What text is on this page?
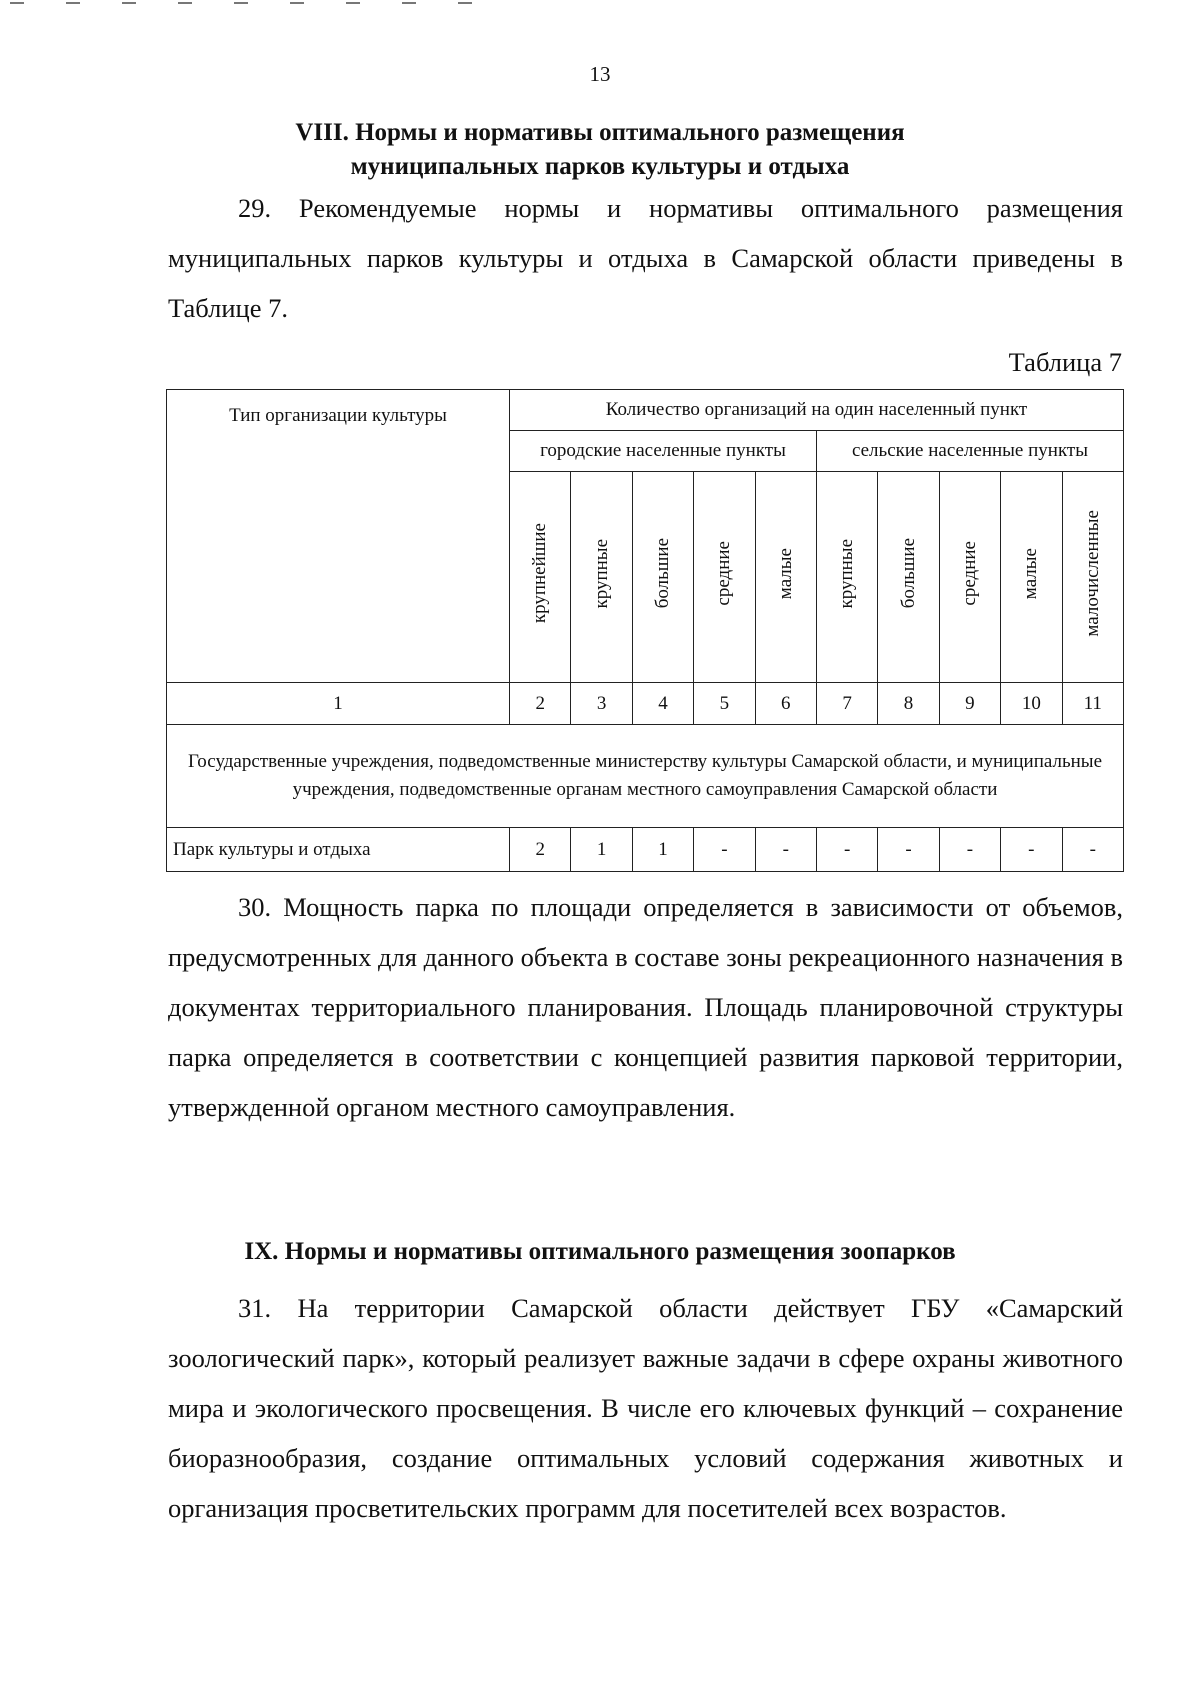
13
VIII. Нормы и нормативы оптимального размещения
муниципальных парков культуры и отдыха

29. Рекомендуемые нормы и нормативы оптимального размещения муниципальных парков культуры и отдыха в Самарской области приведены в Таблице 7.

Таблица 7
Тип организации культуры	Количество организаций на один населенный пункт									
	городские населенные пункты					сельские населенные пункты				
	крупнейшие	крупные	большие	средние	малые	крупные	большие	средние	малые	малочисленные
1	2	3	4	5	6	7	8	9	10	11
Государственные учреждения, подведомственные министерству культуры Самарской области, и муниципальные учреждения, подведомственные органам местного самоуправления Самарской области										
Парк культуры и отдыха	2	1	1	-	-	-	-	-	-	-

30. Мощность парка по площади определяется в зависимости от объемов, предусмотренных для данного объекта в составе зоны рекреационного назначения в документах территориального планирования. Площадь планировочной структуры парка определяется в соответствии с концепцией развития парковой территории, утвержденной органом местного самоуправления.

IX. Нормы и нормативы оптимального размещения зоопарков

31. На территории Самарской области действует ГБУ «Самарский зоологический парк», который реализует важные задачи в сфере охраны животного мира и экологического просвещения. В числе его ключевых функций – сохранение биоразнообразия, создание оптимальных условий содержания животных и организация просветительских программ для посетителей всех возрастов.
